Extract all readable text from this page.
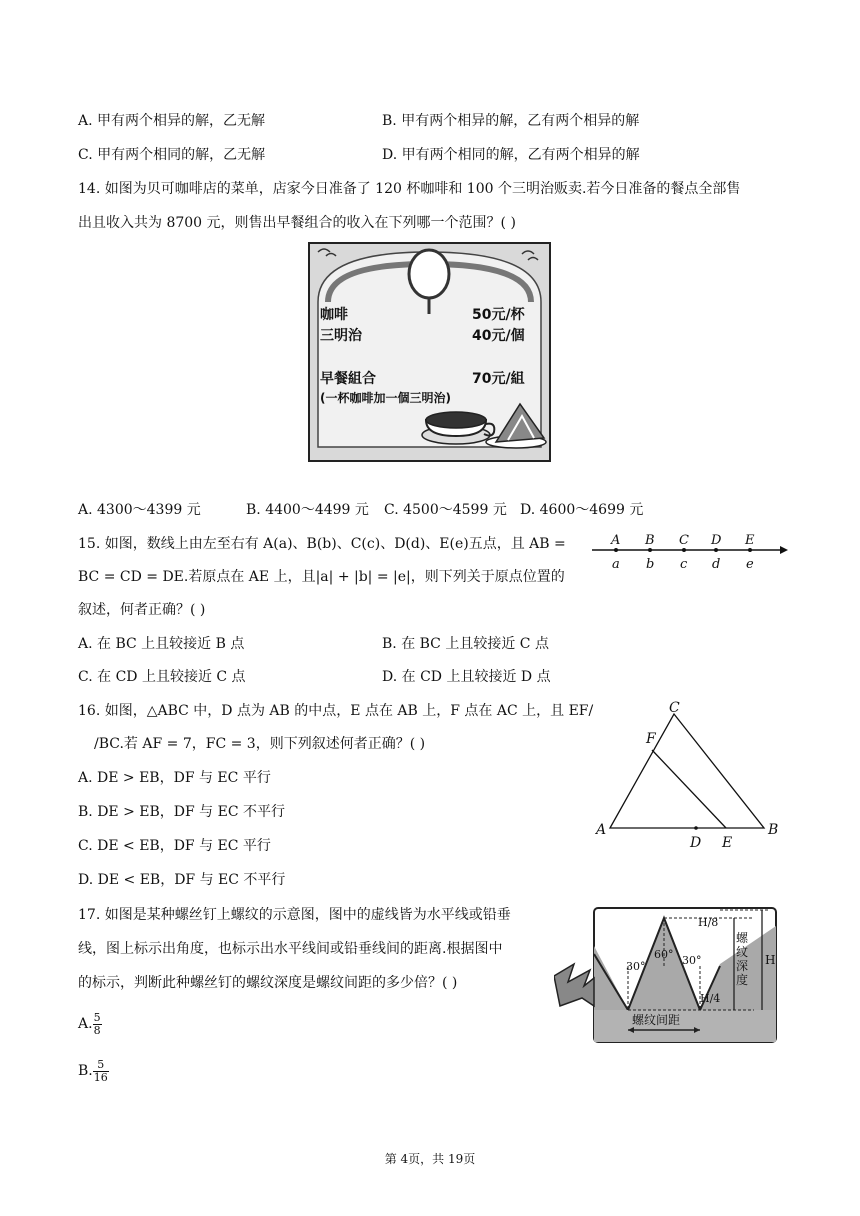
A. 甲有两个相异的解，乙无解	B. 甲有两个相异的解，乙有两个相异的解
C. 甲有两个相同的解，乙无解	D. 甲有两个相同的解，乙有两个相异的解
14. 如图为贝可咖啡店的菜单，店家今日准备了 120 杯咖啡和 100 个三明治贩卖.若今日准备的餐点全部售
出且收入共为 8700 元，则售出早餐组合的收入在下列哪一个范围？( )
咖啡	50元/杯
三明治	40元/個
早餐組合	70元/組
(一杯咖啡加一個三明治)
A. 4300～4399 元	B. 4400～4499 元 C. 4500～4599 元 D. 4600～4699 元
15. 如图，数线上由左至右有 A(a)、B(b)、C(c)、D(d)、E(e)五点，且 AB =
BC = CD = DE.若原点在 AE 上，且|a| + |b| = |e|，则下列关于原点位置的
叙述，何者正确？( )
A B C D E
a b c d e
A. 在 BC 上且较接近 B 点	B. 在 BC 上且较接近 C 点
C. 在 CD 上且较接近 C 点	D. 在 CD 上且较接近 D 点
16. 如图，△ABC 中，D 点为 AB 的中点，E 点在 AB 上，F 点在 AC 上，且 EF/
/BC.若 AF = 7，FC = 3，则下列叙述何者正确？( )
A. DE > EB，DF 与 EC 平行
B. DE > EB，DF 与 EC 不平行
C. DE < EB，DF 与 EC 平行
D. DE < EB，DF 与 EC 不平行
A
C
B
F
D E
17. 如图是某种螺丝钉上螺纹的示意图，图中的虚线皆为水平线或铅垂
线，图上标示出角度，也标示出水平线间或铅垂线间的距离.根据图中
的标示，判断此种螺丝钉的螺纹深度是螺纹间距的多少倍？( )
A. $\frac{5}{8}$
B. $\frac{5}{16}$
H/8
H/4
H
30°
60° 30°
螺
纹
深
度
螺纹间距
第 4页，共 19页
